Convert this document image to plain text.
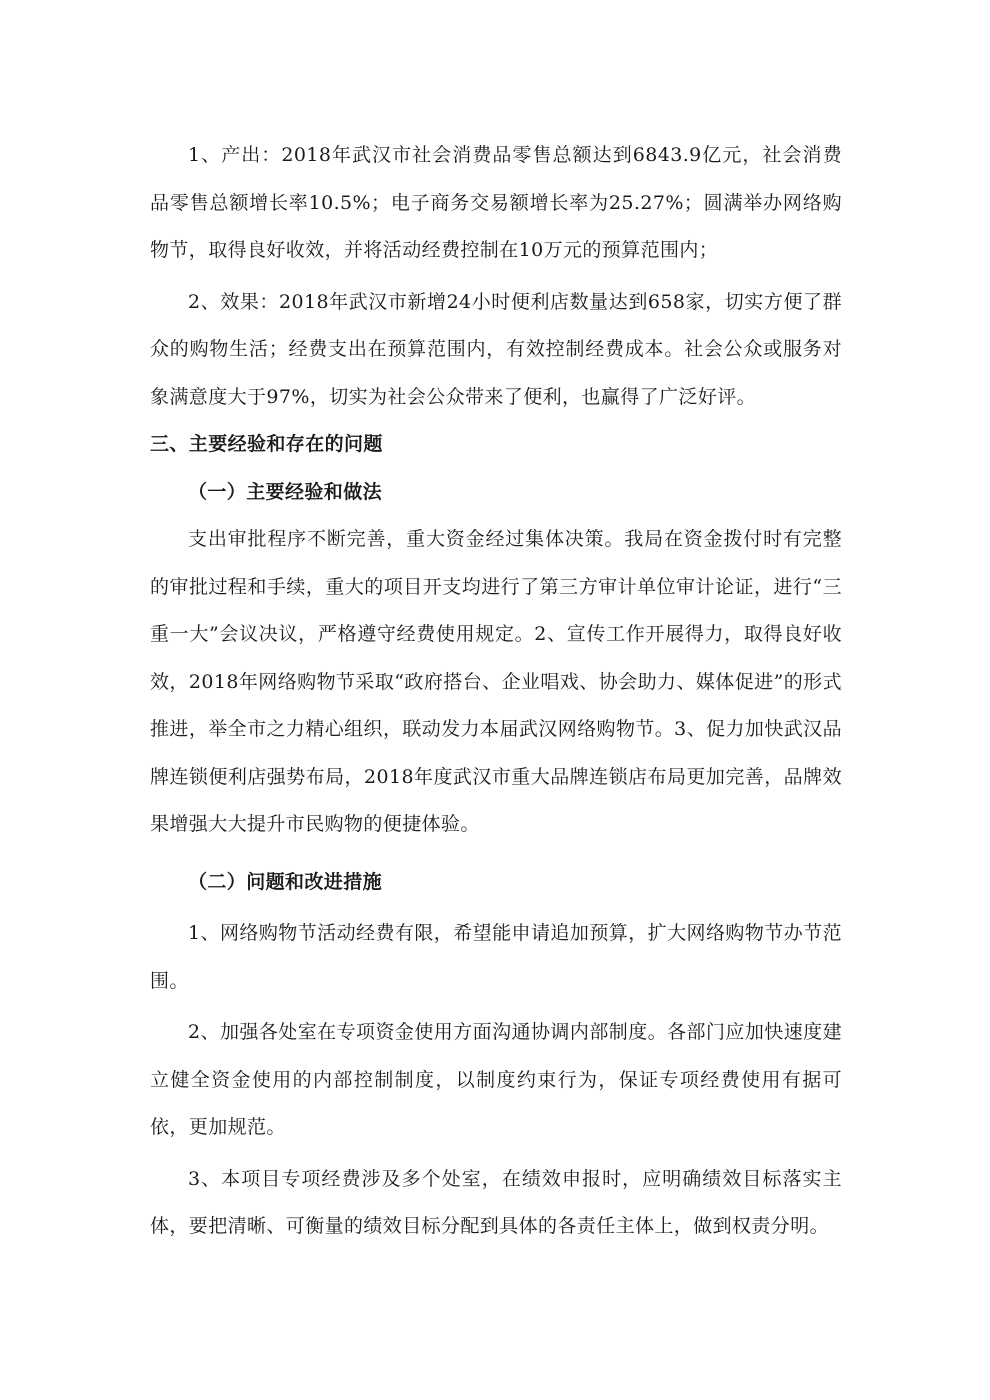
1、产出：2018年武汉市社会消费品零售总额达到6843.9亿元，社会消费品零售总额增长率10.5%；电子商务交易额增长率为25.27%；圆满举办网络购物节，取得良好收效，并将活动经费控制在10万元的预算范围内；

2、效果：2018年武汉市新增24小时便利店数量达到658家，切实方便了群众的购物生活；经费支出在预算范围内，有效控制经费成本。社会公众或服务对象满意度大于97%，切实为社会公众带来了便利，也赢得了广泛好评。

三、主要经验和存在的问题
（一）主要经验和做法

支出审批程序不断完善，重大资金经过集体决策。我局在资金拨付时有完整的审批过程和手续，重大的项目开支均进行了第三方审计单位审计论证，进行“三重一大”会议决议，严格遵守经费使用规定。2、宣传工作开展得力，取得良好收效，2018年网络购物节采取“政府搭台、企业唱戏、协会助力、媒体促进”的形式推进，举全市之力精心组织，联动发力本届武汉网络购物节。3、促力加快武汉品牌连锁便利店强势布局，2018年度武汉市重大品牌连锁店布局更加完善，品牌效果增强大大提升市民购物的便捷体验。

（二）问题和改进措施

1、网络购物节活动经费有限，希望能申请追加预算，扩大网络购物节办节范围。

2、加强各处室在专项资金使用方面沟通协调内部制度。各部门应加快速度建立健全资金使用的内部控制制度，以制度约束行为，保证专项经费使用有据可依，更加规范。

3、本项目专项经费涉及多个处室，在绩效申报时，应明确绩效目标落实主体，要把清晰、可衡量的绩效目标分配到具体的各责任主体上，做到权责分明。
